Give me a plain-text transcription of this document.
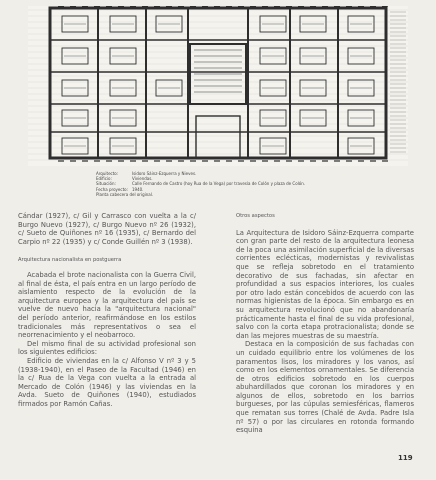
Arquitecto:	Isidoro Sáinz-Ezquerra y Nieves.
Edificio:	Viviendas.
Situación:	Calle Fernando de Castro (hoy Rua de la Vega) por travesía de Colón y plaza de Colón.
Fecha proyecto:	1940.
Planta cabecera del original.

Cándar (1927), c/ Gil y Carrasco con vuelta a la c/ Burgo Nuevo (1927), c/ Burgo Nuevo nº 26 (1932), c/ Sueto de Quiñones nº 16 (1935), c/ Bernardo del Carpio nº 22 (1935) y c/ Conde Guillén nº 3 (1938).

Arquitectura nacionalista en postguerra

Acabada el brote nacionalista con la Guerra Civil, al final de ésta, el país entra en un largo período de aislamiento respecto de la evolución de la arquitectura europea y la arquitectura del país se vuelve de nuevo hacia la "arquitectura nacional" del período anterior, reafirmándose en los estilos tradicionales más representativos o sea el neorrenacimiento y el neobarroco.

Del mismo final de su actividad profesional son los siguientes edificios:

Edificio de viviendas en la c/ Alfonso V nº 3 y 5 (1938-1940), en el Paseo de la Facultad (1946) en la c/ Rua de la Vega con vuelta a la entrada al Mercado de Colón (1946) y las viviendas en la Avda. Sueto de Quiñones (1940), estudiados firmados por Ramón Cañas.

Otros aspectos

La Arquitectura de Isidoro Sáinz-Ezquerra comparte con gran parte del resto de la arquitectura leonesa de la poca una asimilación superficial de la diversas corrientes eclécticas, modernistas y revivalistas que se refleja sobretodo en el tratamiento decorativo de sus fachadas, sin afectar en profundidad a sus espacios interiores, los cuales por otro lado están concebidos de acuerdo con las normas higienistas de la época. Sin embargo es en su arquitectura revolucionó que no abandonaría prácticamente hasta el final de su vida profesional, salvo con la corta etapa protracionalista; donde se dan las mejores muestras de su maestría.

Destaca en la composición de sus fachadas con un cuidado equilibrio entre los volúmenes de los paramentos lisos, los miradores y los vanos, así como en los elementos ornamentales. Se diferencia de otros edificios sobretodo en los cuerpos abuhardillados que coronan los miradores y en algunos de ellos, sobretodo en los barrios burgueses, por las cúpulas semiesféricas, flameros que rematan sus torres (Chalé de Avda. Padre Isla nº 57) o por las circulares en rotonda formando esquina

119
